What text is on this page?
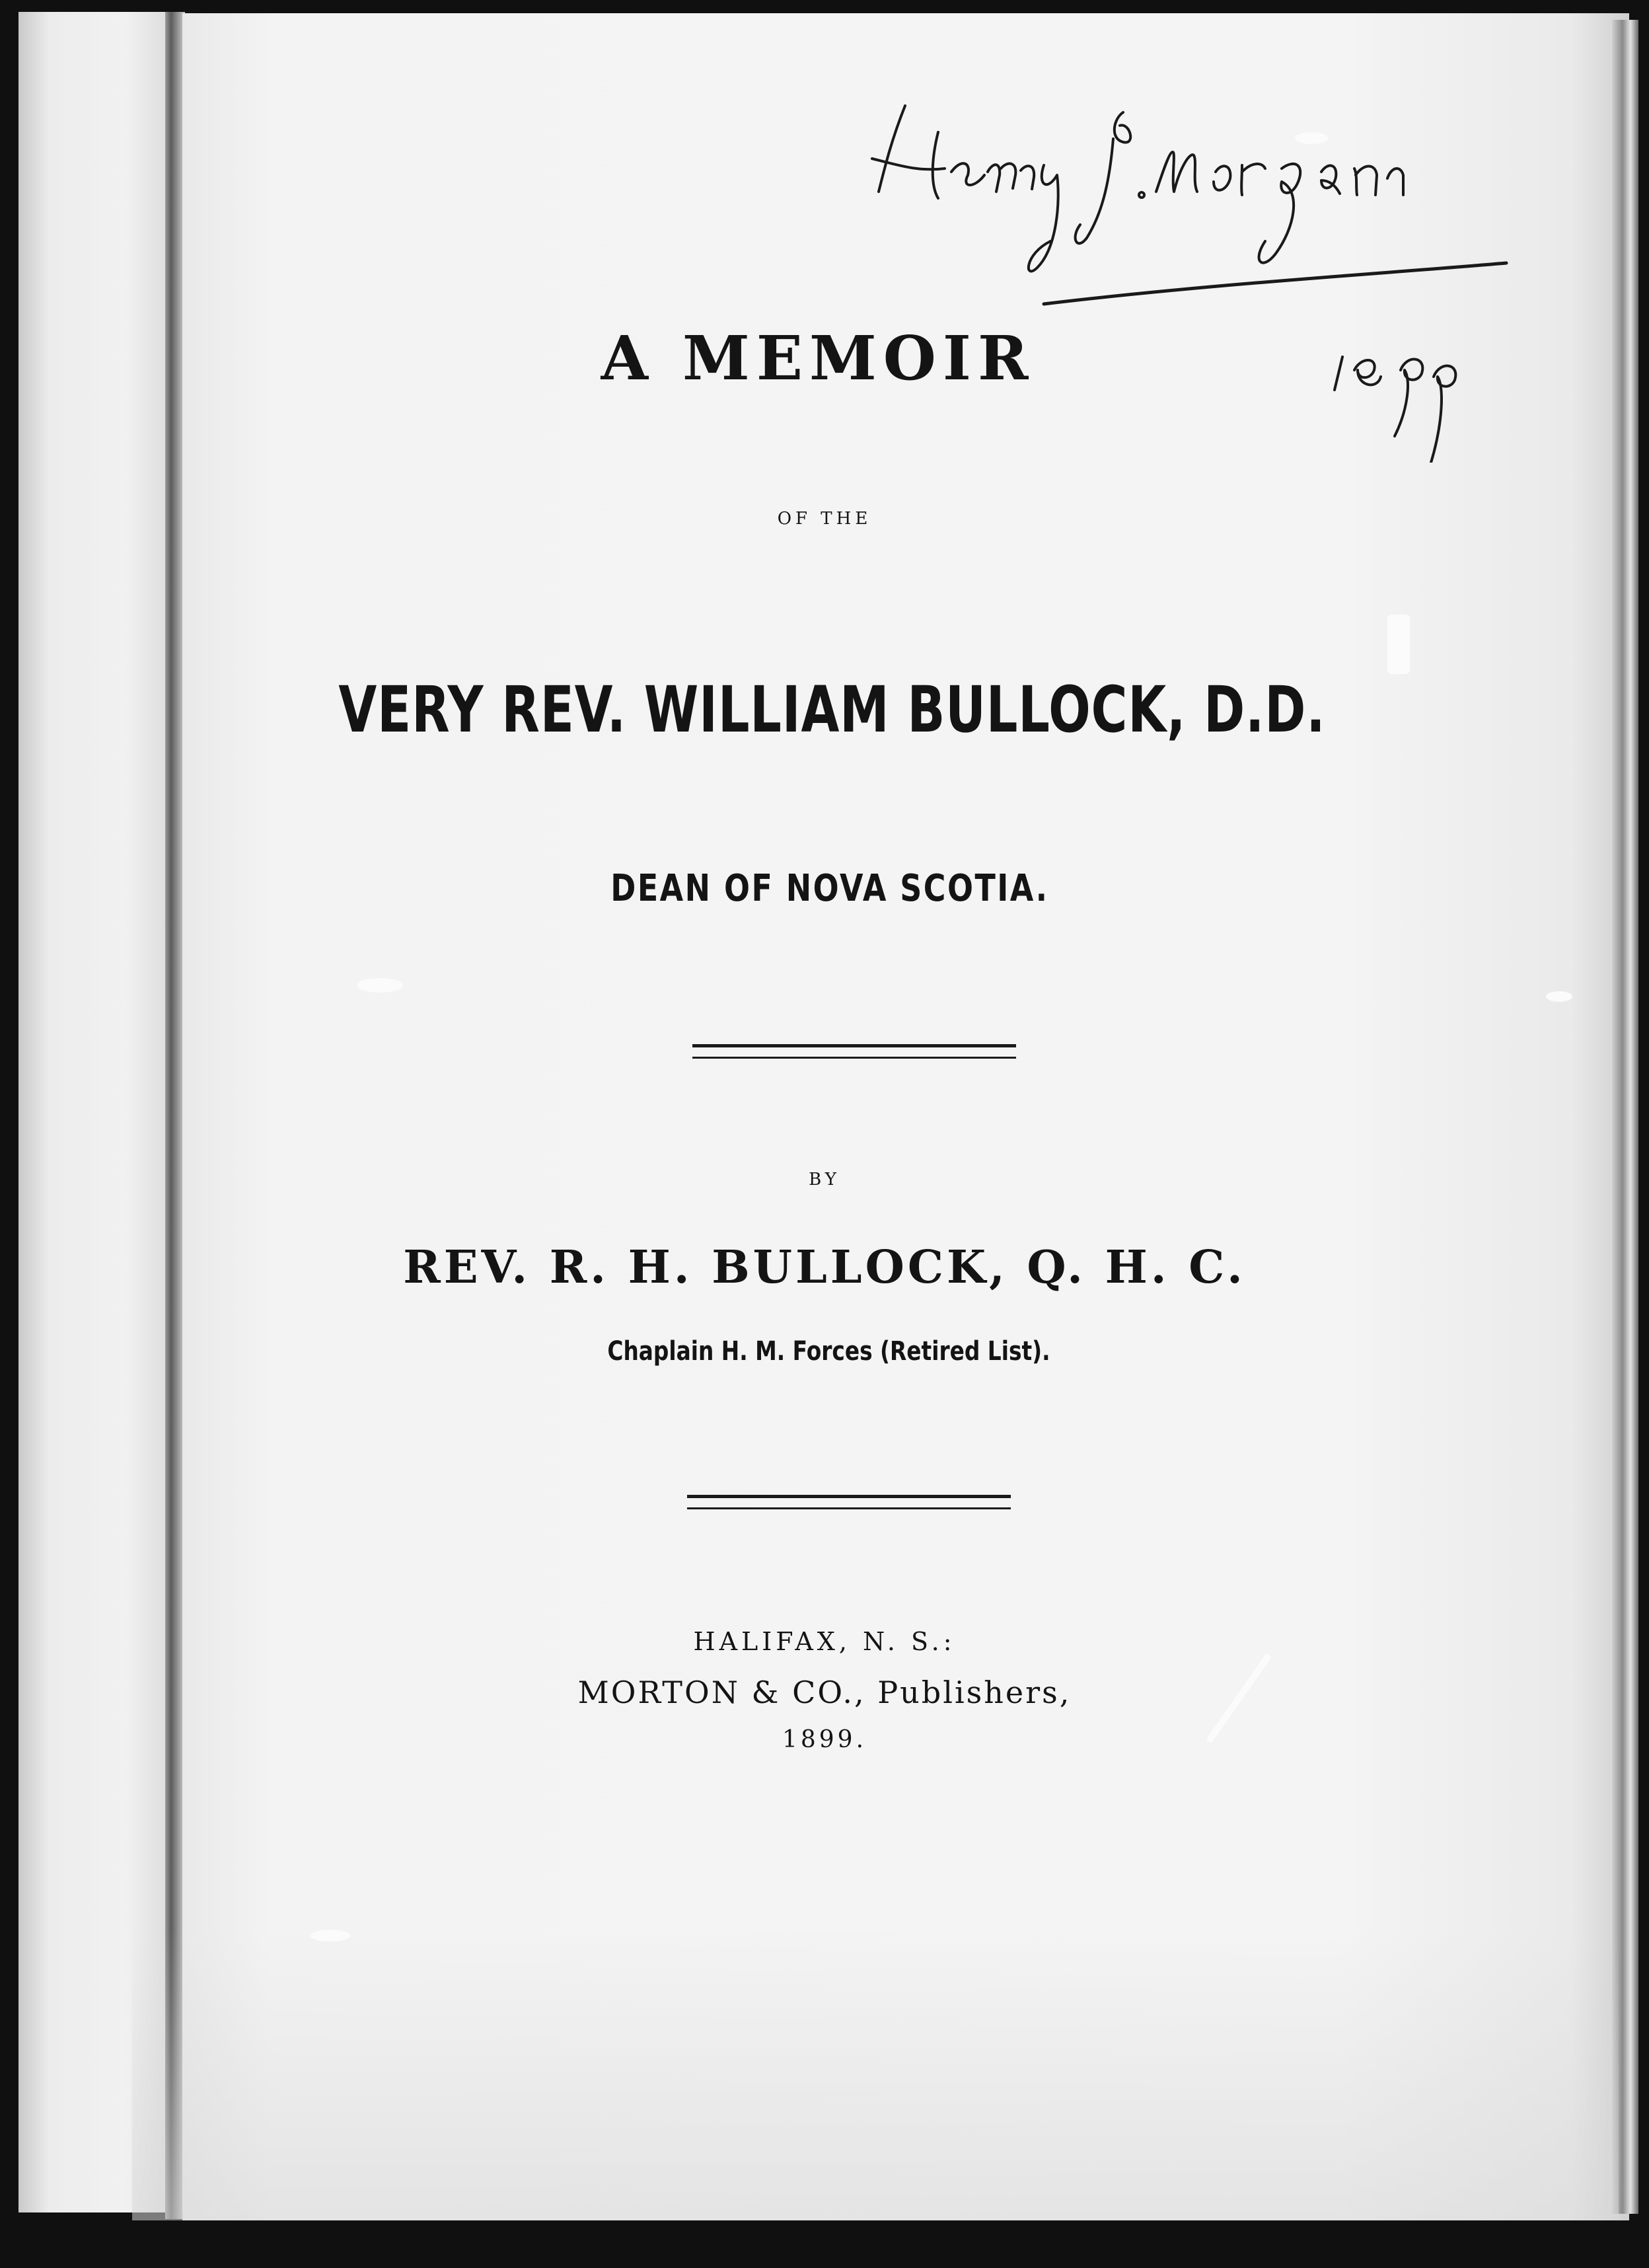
A MEMOIR
OF THE
VERY REV. WILLIAM BULLOCK, D.D.
DEAN OF NOVA SCOTIA.
BY
REV. R. H. BULLOCK, Q. H. C.
Chaplain H. M. Forces (Retired List).
HALIFAX, N. S.:
MORTON & CO., Publishers,
1899.
